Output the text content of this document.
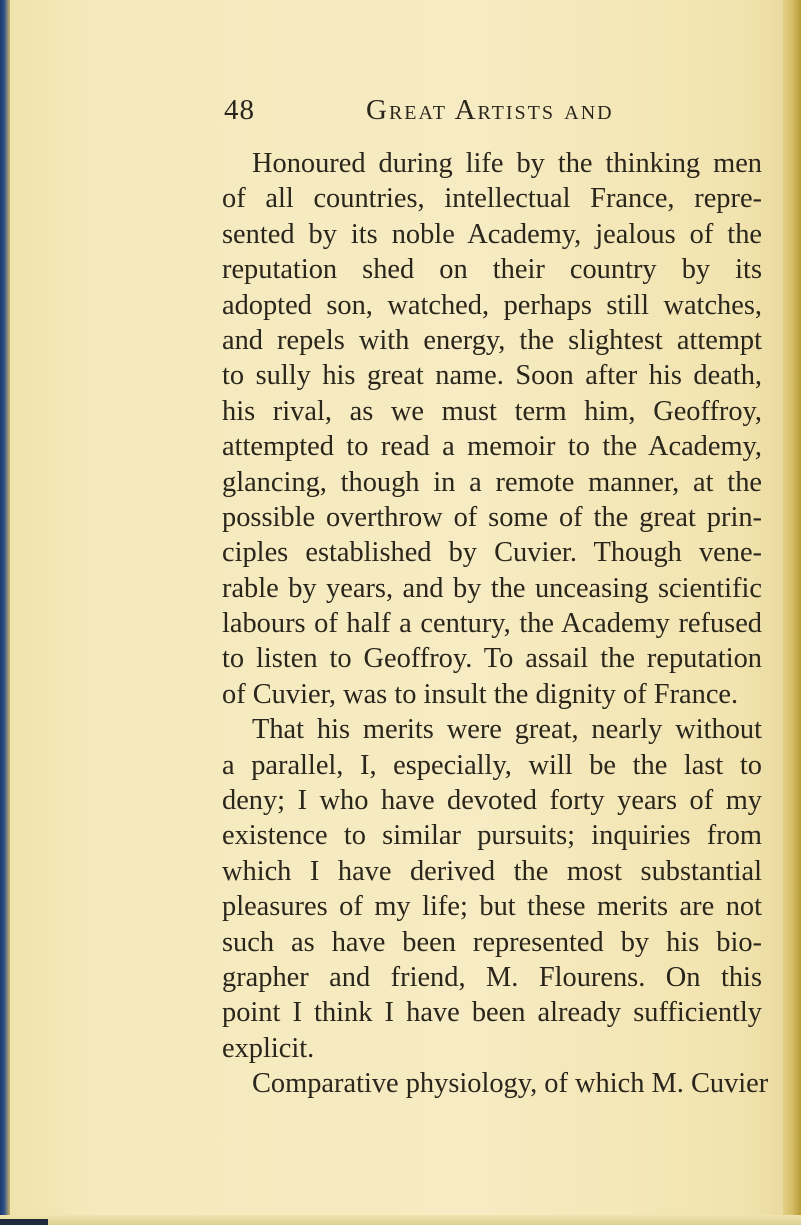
48	Great Artists and
Honoured during life by the thinking men
of all countries, intellectual France, repre-
sented by its noble Academy, jealous of the
reputation shed on their country by its
adopted son, watched, perhaps still watches,
and repels with energy, the slightest attempt
to sully his great name. Soon after his death,
his rival, as we must term him, Geoffroy,
attempted to read a memoir to the Academy,
glancing, though in a remote manner, at the
possible overthrow of some of the great prin-
ciples established by Cuvier. Though vene-
rable by years, and by the unceasing scientific
labours of half a century, the Academy refused
to listen to Geoffroy. To assail the reputation
of Cuvier, was to insult the dignity of France.
That his merits were great, nearly without
a parallel, I, especially, will be the last to
deny; I who have devoted forty years of my
existence to similar pursuits; inquiries from
which I have derived the most substantial
pleasures of my life; but these merits are not
such as have been represented by his bio-
grapher and friend, M. Flourens. On this
point I think I have been already sufficiently
explicit.
Comparative physiology, of which M. Cuvier
